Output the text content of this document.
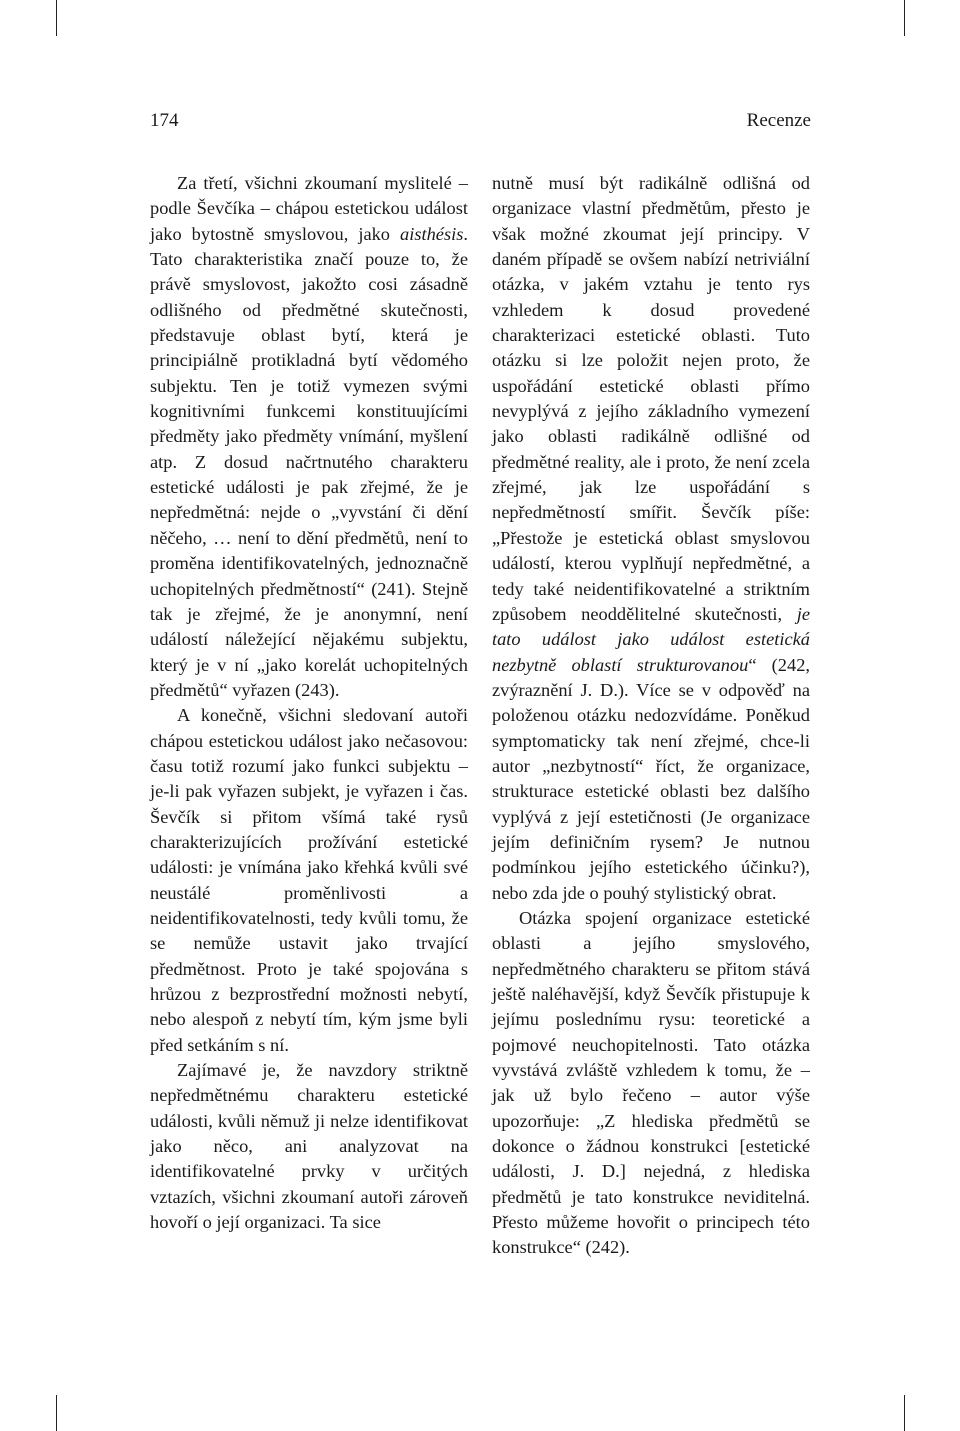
174	Recenze

Za třetí, všichni zkoumaní myslitelé – podle Ševčíka – chápou estetickou událost jako bytostně smyslovou, jako aisthésis. Tato charakteristika značí pouze to, že právě smyslovost, jakožto cosi zásadně odlišného od předmětné skutečnosti, představuje oblast bytí, která je principiálně protikladná bytí vědomého subjektu. Ten je totiž vymezen svými kognitivními funkcemi konstituujícími předměty jako předměty vnímání, myšlení atp. Z dosud načrtnutého charakteru estetické události je pak zřejmé, že je nepředmětná: nejde o „vyvstání či dění něčeho, … není to dění předmětů, není to proměna identifikovatelných, jednoznačně uchopitelných předmětností“ (241). Stejně tak je zřejmé, že je anonymní, není událostí náležející nějakému subjektu, který je v ní „jako korelát uchopitelných předmětů“ vyřazen (243).

A konečně, všichni sledovaní autoři chápou estetickou událost jako nečasovou: času totiž rozumí jako funkci subjektu – je-li pak vyřazen subjekt, je vyřazen i čas. Ševčík si přitom všímá také rysů charakterizujících prožívání estetické události: je vnímána jako křehká kvůli své neustálé proměnlivosti a neidentifikovatelnosti, tedy kvůli tomu, že se nemůže ustavit jako trvající předmětnost. Proto je také spojována s hrůzou z bezprostřední možnosti nebytí, nebo alespoň z nebytí tím, kým jsme byli před setkáním s ní.

Zajímavé je, že navzdory striktně nepředmětnému charakteru estetické události, kvůli němuž ji nelze identifikovat jako něco, ani analyzovat na identifikovatelné prvky v určitých vztazích, všichni zkoumaní autoři zároveň hovoří o její organizaci. Ta sice

nutně musí být radikálně odlišná od organizace vlastní předmětům, přesto je však možné zkoumat její principy. V daném případě se ovšem nabízí netriviální otázka, v jakém vztahu je tento rys vzhledem k dosud provedené charakterizaci estetické oblasti. Tuto otázku si lze položit nejen proto, že uspořádání estetické oblasti přímo nevyplývá z jejího základního vymezení jako oblasti radikálně odlišné od předmětné reality, ale i proto, že není zcela zřejmé, jak lze uspořádání s nepředmětností smířit. Ševčík píše: „Přestože je estetická oblast smyslovou událostí, kterou vyplňují nepředmětné, a tedy také neidentifikovatelné a striktním způsobem neoddělitelné skutečnosti, je tato událost jako událost estetická nezbytně oblastí strukturovanou“ (242, zvýraznění J. D.). Více se v odpověď na položenou otázku nedozvídáme. Poněkud symptomaticky tak není zřejmé, chce-li autor „nezbytností“ říct, že organizace, strukturace estetické oblasti bez dalšího vyplývá z její estetičnosti (Je organizace jejím definičním rysem? Je nutnou podmínkou jejího estetického účinku?), nebo zda jde o pouhý stylistický obrat.

Otázka spojení organizace estetické oblasti a jejího smyslového, nepředmětného charakteru se přitom stává ještě naléhavější, když Ševčík přistupuje k jejímu poslednímu rysu: teoretické a pojmové neuchopitelnosti. Tato otázka vyvstává zvláště vzhledem k tomu, že – jak už bylo řečeno – autor výše upozorňuje: „Z hlediska předmětů se dokonce o žádnou konstrukci [estetické události, J. D.] nejedná, z hlediska předmětů je tato konstrukce neviditelná. Přesto můžeme hovořit o principech této konstrukce“ (242).
